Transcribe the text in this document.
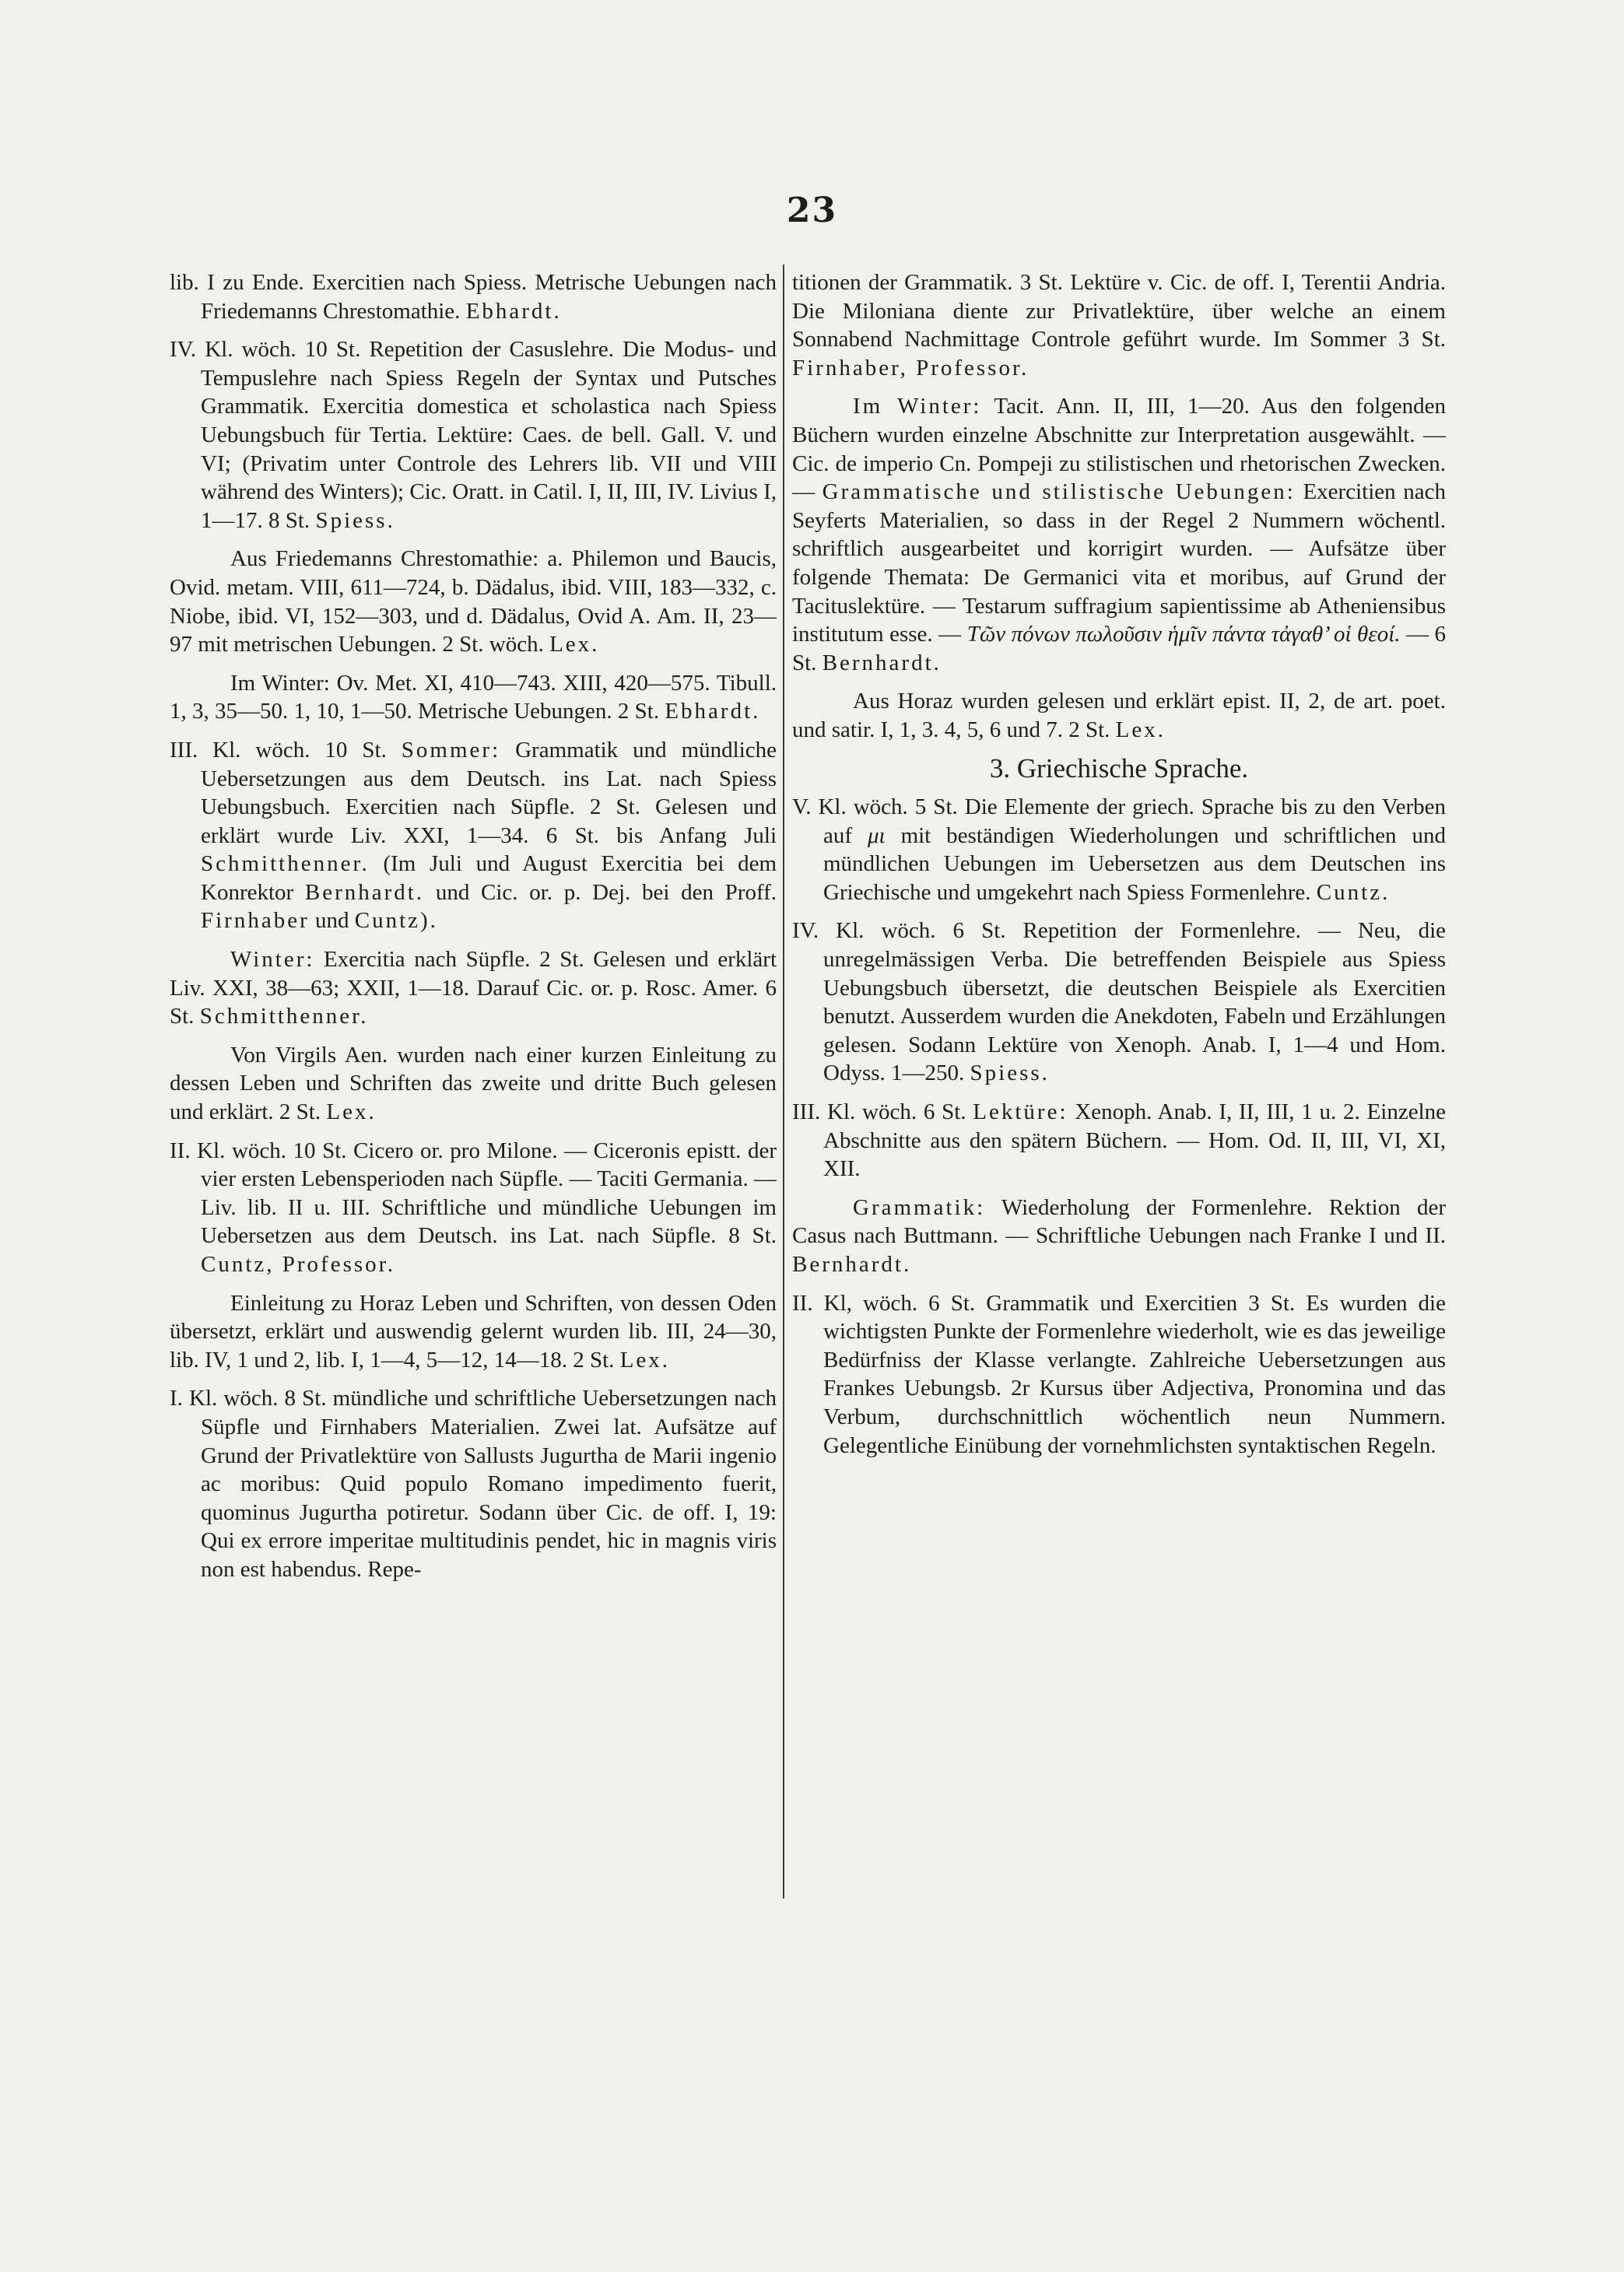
23

lib. I zu Ende. Exercitien nach Spiess. Metrische Uebungen nach Friedemanns Chrestomathie. Ebhardt.

IV. Kl. wöch. 10 St. Repetition der Casuslehre. Die Modus- und Tempuslehre nach Spiess Regeln der Syntax und Putsches Grammatik. Exercitia domestica et scholastica nach Spiess Uebungsbuch für Tertia. Lektüre: Caes. de bell. Gall. V. und VI; (Privatim unter Controle des Lehrers lib. VII und VIII während des Winters); Cic. Oratt. in Catil. I, II, III, IV. Livius I, 1—17. 8 St. Spiess.

Aus Friedemanns Chrestomathie: a. Philemon und Baucis, Ovid. metam. VIII, 611—724, b. Dädalus, ibid. VIII, 183—332, c. Niobe, ibid. VI, 152—303, und d. Dädalus, Ovid A. Am. II, 23—97 mit metrischen Uebungen. 2 St. wöch. Lex.

Im Winter: Ov. Met. XI, 410—743. XIII, 420—575. Tibull. 1, 3, 35—50. 1, 10, 1—50. Metrische Uebungen. 2 St. Ebhardt.

III. Kl. wöch. 10 St. Sommer: Grammatik und mündliche Uebersetzungen aus dem Deutsch. ins Lat. nach Spiess Uebungsbuch. Exercitien nach Süpfle. 2 St. Gelesen und erklärt wurde Liv. XXI, 1—34. 6 St. bis Anfang Juli Schmitthenner. (Im Juli und August Exercitia bei dem Konrektor Bernhardt. und Cic. or. p. Dej. bei den Proff. Firnhaber und Cuntz).

Winter: Exercitia nach Süpfle. 2 St. Gelesen und erklärt Liv. XXI, 38—63; XXII, 1—18. Darauf Cic. or. p. Rosc. Amer. 6 St. Schmitthenner.

Von Virgils Aen. wurden nach einer kurzen Einleitung zu dessen Leben und Schriften das zweite und dritte Buch gelesen und erklärt. 2 St. Lex.

II. Kl. wöch. 10 St. Cicero or. pro Milone. — Ciceronis epistt. der vier ersten Lebensperioden nach Süpfle. — Taciti Germania. — Liv. lib. II u. III. Schriftliche und mündliche Uebungen im Uebersetzen aus dem Deutsch. ins Lat. nach Süpfle. 8 St. Cuntz, Professor.

Einleitung zu Horaz Leben und Schriften, von dessen Oden übersetzt, erklärt und auswendig gelernt wurden lib. III, 24—30, lib. IV, 1 und 2, lib. I, 1—4, 5—12, 14—18. 2 St. Lex.

I. Kl. wöch. 8 St. mündliche und schriftliche Uebersetzungen nach Süpfle und Firnhabers Materialien. Zwei lat. Aufsätze auf Grund der Privatlektüre von Sallusts Jugurtha de Marii ingenio ac moribus: Quid populo Romano impedimento fuerit, quominus Jugurtha potiretur. Sodann über Cic. de off. I, 19: Qui ex errore imperitae multitudinis pendet, hic in magnis viris non est habendus. Repe-

titionen der Grammatik. 3 St. Lektüre v. Cic. de off. I, Terentii Andria. Die Miloniana diente zur Privatlektüre, über welche an einem Sonnabend Nachmittage Controle geführt wurde. Im Sommer 3 St. Firnhaber, Professor.

Im Winter: Tacit. Ann. II, III, 1—20. Aus den folgenden Büchern wurden einzelne Abschnitte zur Interpretation ausgewählt. — Cic. de imperio Cn. Pompeji zu stilistischen und rhetorischen Zwecken. — Grammatische und stilistische Uebungen: Exercitien nach Seyferts Materialien, so dass in der Regel 2 Nummern wöchentl. schriftlich ausgearbeitet und korrigirt wurden. — Aufsätze über folgende Themata: De Germanici vita et moribus, auf Grund der Tacituslektüre. — Testarum suffragium sapientissime ab Atheniensibus institutum esse. — Τῶν πόνων πωλοῦσιν ἡμῖν πάντα τἀγαθ’ οἱ θεοί. — 6 St. Bernhardt.

Aus Horaz wurden gelesen und erklärt epist. II, 2, de art. poet. und satir. I, 1, 3. 4, 5, 6 und 7. 2 St. Lex.

3. Griechische Sprache.

V. Kl. wöch. 5 St. Die Elemente der griech. Sprache bis zu den Verben auf μι mit beständigen Wiederholungen und schriftlichen und mündlichen Uebungen im Uebersetzen aus dem Deutschen ins Griechische und umgekehrt nach Spiess Formenlehre. Cuntz.

IV. Kl. wöch. 6 St. Repetition der Formenlehre. — Neu, die unregelmässigen Verba. Die betreffenden Beispiele aus Spiess Uebungsbuch übersetzt, die deutschen Beispiele als Exercitien benutzt. Ausserdem wurden die Anekdoten, Fabeln und Erzählungen gelesen. Sodann Lektüre von Xenoph. Anab. I, 1—4 und Hom. Odyss. 1—250. Spiess.

III. Kl. wöch. 6 St. Lektüre: Xenoph. Anab. I, II, III, 1 u. 2. Einzelne Abschnitte aus den spätern Büchern. — Hom. Od. II, III, VI, XI, XII.

Grammatik: Wiederholung der Formenlehre. Rektion der Casus nach Buttmann. — Schriftliche Uebungen nach Franke I und II. Bernhardt.

II. Kl, wöch. 6 St. Grammatik und Exercitien 3 St. Es wurden die wichtigsten Punkte der Formenlehre wiederholt, wie es das jeweilige Bedürfniss der Klasse verlangte. Zahlreiche Uebersetzungen aus Frankes Uebungsb. 2r Kursus über Adjectiva, Pronomina und das Verbum, durchschnittlich wöchentlich neun Nummern. Gelegentliche Einübung der vornehmlichsten syntaktischen Regeln.
